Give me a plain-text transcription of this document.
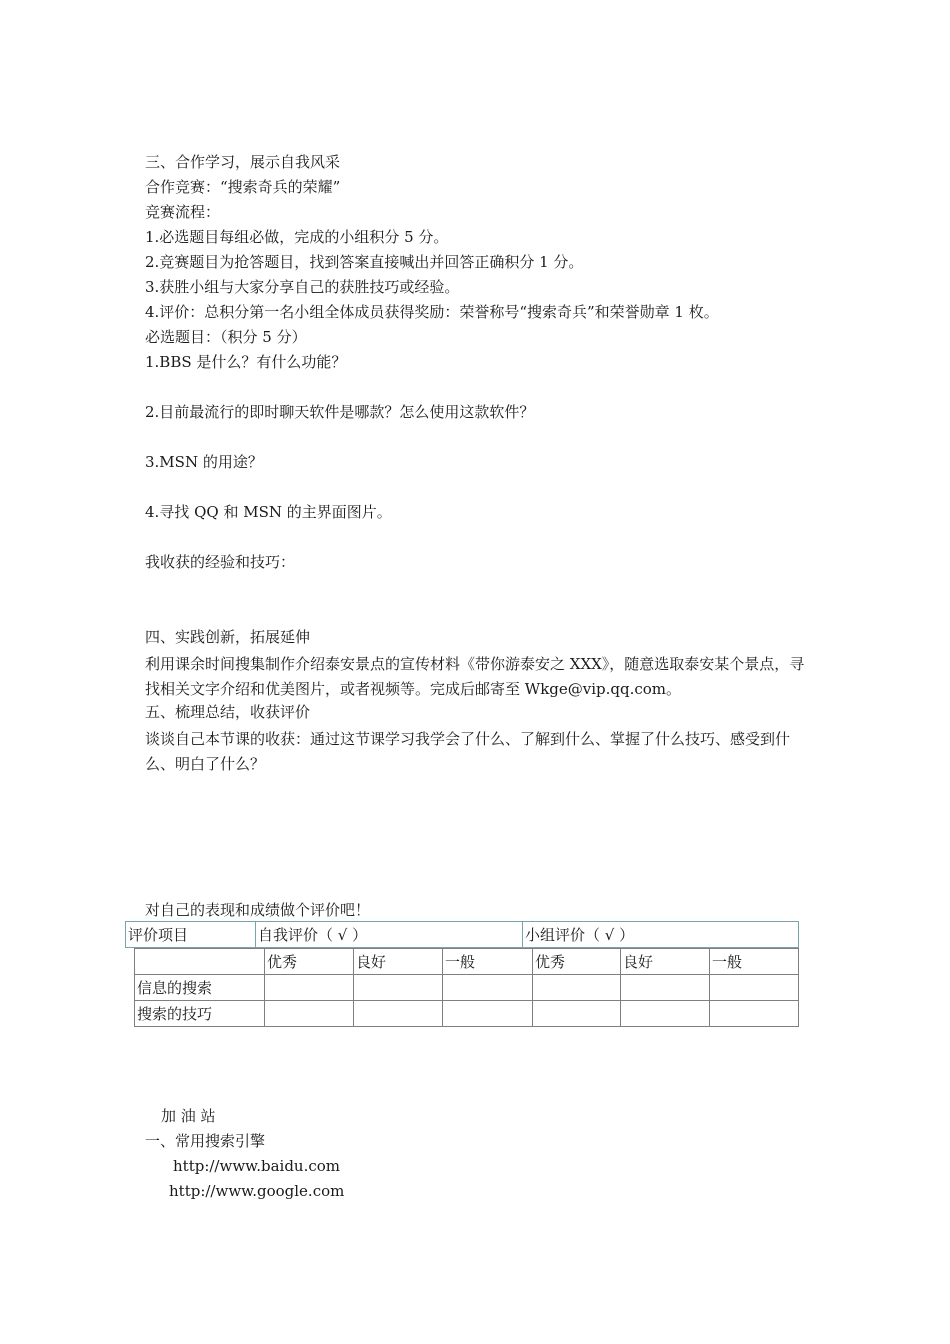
三、合作学习，展示自我风采
合作竞赛：“搜索奇兵的荣耀”
竞赛流程：
1.必选题目每组必做，完成的小组积分 5 分。
2.竞赛题目为抢答题目，找到答案直接喊出并回答正确积分 1 分。
3.获胜小组与大家分享自己的获胜技巧或经验。
4.评价：总积分第一名小组全体成员获得奖励：荣誉称号“搜索奇兵”和荣誉勋章 1 枚。
必选题目：（积分 5 分）
1.BBS 是什么？有什么功能？
2.目前最流行的即时聊天软件是哪款？怎么使用这款软件？
3.MSN 的用途？
4.寻找 QQ 和 MSN 的主界面图片。
我收获的经验和技巧：
四、实践创新，拓展延伸
利用课余时间搜集制作介绍泰安景点的宣传材料《带你游泰安之 XXX》，随意选取泰安某个景点，寻找相关文字介绍和优美图片，或者视频等。完成后邮寄至 Wkge@vip.qq.com。
五、梳理总结，收获评价
谈谈自己本节课的收获：通过这节课学习我学会了什么、了解到什么、掌握了什么技巧、感受到什么、明白了什么？
对自己的表现和成绩做个评价吧！
评价项目	自我评价（ √ ）	小组评价（ √ ）
	优秀	良好	一般	优秀	良好	一般
信息的搜索						
搜索的技巧						
加 油 站
一、常用搜索引擎
http://www.baidu.com
http://www.google.com
